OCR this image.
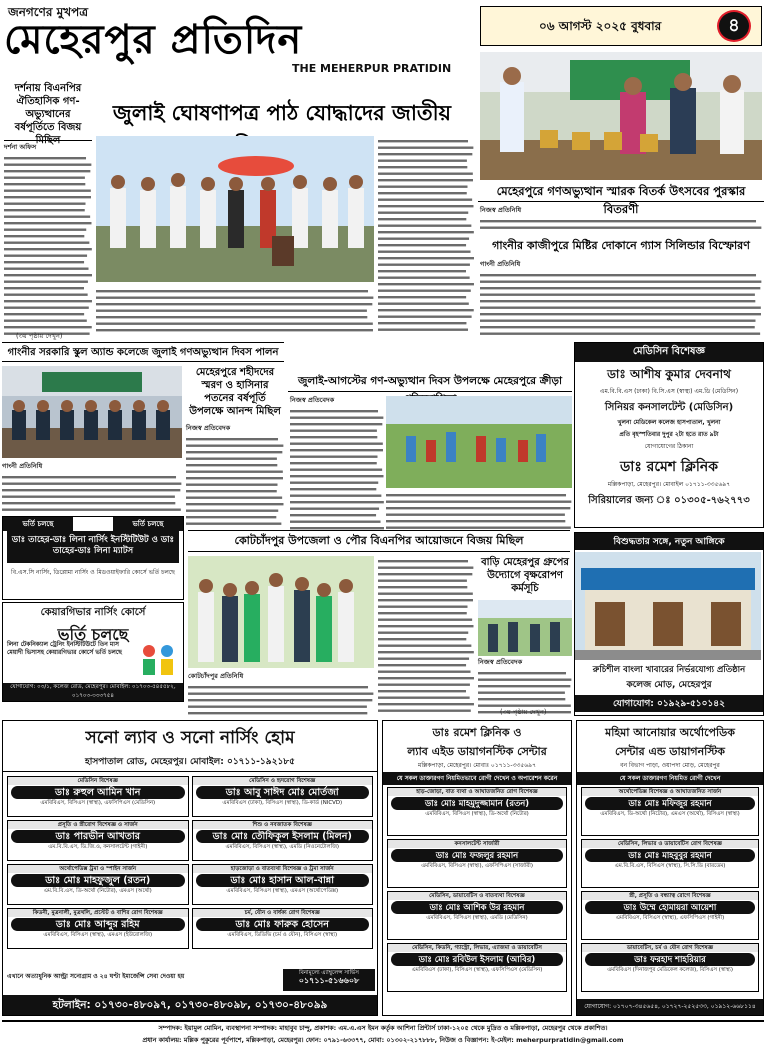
জনগণের মুখপত্র
মেহেরপুর প্রতিদিন
THE MEHERPUR PRATIDIN
০৬ আগস্ট ২০২৫ বুধবার	৪
দর্শনায় বিএনপির ঐতিহাসিক গণ-অভ্যুত্থানের বর্ষপূর্তিতে বিজয়
দর্শনা অফিস
(৩য় পৃষ্ঠায় দেখুন)
জুলাই ঘোষণাপত্র পাঠ যোদ্ধাদের জাতীয়
মেহেরপুরে গণঅভ্যুত্থান স্মারক বিতর্ক উৎসবের পুরস্কার বিতরণী
নিজস্ব প্রতিনিধি
গাংনীর কাজীপুরে মিষ্টির দোকানে গ্যাস সিলিন্ডার বিস্ফোরণ
গাংনী প্রতিনিধি
গাংনীর সরকারি স্কুল অ্যান্ড কলেজে জুলাই গণঅভ্যুত্থান দিবস পালন
গাংনী প্রতিনিধি
মেহেরপুরে শহীদদের স্মরণ ও হাসিনার পতনের বর্ষপূর্তি উপলক্ষে আনন্দ মিছিল
নিজস্ব প্রতিবেদক
জুলাই-আগস্টের গণ-অভ্যুত্থান দিবস উপলক্ষে মেহেরপুরে ক্রীড়া
নিজস্ব প্রতিবেদক
মেডিসিন বিশেষজ্ঞ
ডাঃ আশীষ কুমার দেবনাথ
এম.বি.বি.এস (ঢাকা) বি.সি.এস (স্বাস্থ্য) এম.ডি (মেডিসিন)
সিনিয়র কনসালটেন্ট (মেডিসিন)
খুলনা মেডিকেল কলেজ হাসপাতাল, খুলনা
প্রতি বৃহস্পতিবার দুপুর ২টা হতে রাত ৯টা
যোগাযোগের ঠিকানা
ডাঃ রমেশ ক্লিনিক
মল্লিকপাড়া, মেহেরপুর। মোবাইল ০১৭১১-৩৩৫৬৯৭
সিরিয়ালের জন্য ঃ ০১৩০৫-৭৬২৭৭৩
ভর্তি চলছে	ভর্তি চলছে
ডাঃ তাহের-ডাঃ লিনা নার্সিং ইনস্টিটিউট ও ডাঃ তাহের-ডাঃ লিনা ম্যাটস
বি.এস.সি নার্সিং, ডিপ্লোমা নার্সিং ও মিডওয়াইফারি কোর্সে ভর্তি চলছে
কেয়ারগিভার নার্সিং কোর্সে
ভর্তি চলছে
লিনা টেকনিক্যাল ট্রেনিং ইনস্টিটিউটে তিন মাস মেয়াদী ভিসাসহ কেয়ারগিভার কোর্সে ভর্তি চলছে
যোগাযোগ: ০৩/১, কলেজ রোড, মেহেরপুর। মোবাইল: ০১৭০৩-৫৪৫৫৮২, ০১৭০৩-৩৩৩৭৫৪
কোটচাঁদপুর উপজেলা ও পৌর বিএনপির আয়োজনে বিজয় মিছিল
কোটচাঁদপুর প্রতিনিধি
বাড়ি মেহেরপুর গ্রুপের উদ্যোগে বৃক্ষরোপণ কর্মসূচি
নিজস্ব প্রতিবেদক
বিশুদ্ধতার সঙ্গে, নতুন আঙ্গিকে
রুচিশীল বাংলা খাবারের নির্ভরযোগ্য প্রতিষ্ঠান
কলেজ মোড়, মেহেরপুর
যোগাযোগ: ০১৯২৯-৫১০১৪২
(৩য় পৃষ্ঠায় দেখুন)
সনো ল্যাব ও সনো নার্সিং হোম
হাসপাতাল রোড, মেহেরপুর। মোবাইল: ০১৭১১-১৯২১৮৫
মেডিসিন বিশেষজ্ঞ
ডাঃ রুহুল আমিন খান
এমবিবিএস, বিসিএস (স্বাস্থ্য), এফসিপিএস (মেডিসিন)
মেডিসিন ও হৃদরোগ বিশেষজ্ঞ
ডাঃ আবু সাঈদ মোঃ মোর্তজা
এমবিবিএস (ঢাকা), বিসিএস (স্বাস্থ্য), ডি-কার্ড (NICVD)
প্রসূতি ও স্ত্রীরোগ বিশেষজ্ঞ ও সার্জন
ডাঃ পারভীন আখতার
এম.বি.বি.এস, ডি.জি.ও, কনসালটেন্ট (গাইনী)
শিশু ও নবজাতক বিশেষজ্ঞ
ডাঃ মোঃ তৌফিকুল ইসলাম (মিলন)
এমবিবিএস, বিসিএস (স্বাস্থ্য), এমডি (নিওনেটোলজি)
অর্থোপেডিক্স ট্রমা ও স্পাইন সার্জন
ডাঃ মোঃ মাহফুজুল (রতন)
এম.বি.বি.এস, ডি-অর্থো (নিটোর), এমএস (অর্থো)
হাড়জোড়া ও বাতব্যথা বিশেষজ্ঞ ও ট্রমা সার্জন
ডাঃ মোঃ হাসান আল-বান্না
এমবিবিএস, বিসিএস (স্বাস্থ্য), এমএস (অর্থোপেডিক্স)
কিডনী, মুত্রনালী, মুত্রথলি, প্রস্টেট ও বাশির রোগ বিশেষজ্ঞ
ডাঃ মোঃ আব্দুর রহিম
এমবিবিএস, বিসিএস (স্বাস্থ্য), এমএস (ইউরোলজি)
চর্ম, যৌন ও বার্ধক্য রোগ বিশেষজ্ঞ
ডাঃ মোঃ ফারুক হোসেন
এমবিবিএস, ডিডিভি (চর্ম ও যৌন), বিসিএস (স্বাস্থ্য)
এখানে অত্যাধুনিক আল্ট্রা সনোগ্রাম ও ২৪ ঘণ্টা ইমার্জেন্সি সেবা দেওয়া হয়	বিনামূল্যে এ্যাম্বুলেন্স সার্ভিস
০১৭১১-৫১৬৬০৮
হটলাইন: ০১৭৩০-৪৮০৯৭, ০১৭৩০-৪৮০৯৮, ০১৭৩০-৪৮০৯৯
ডাঃ রমেশ ক্লিনিক ও
ল্যাব এইড ডায়াগনস্টিক সেন্টার
মল্লিকপাড়া, মেহেরপুর। মোবাঃ ০১৭১১-৩৩৫৬৯৭
যে সকল ডাক্তারগণ নিয়মিতভাবে রোগী দেখেন ও অপারেশন করেন
হাড়-জোড়া, বাত ব্যথা ও আঘাতজনিত রোগ বিশেষজ্ঞ
ডাঃ মোঃ মাহমুদুজ্জামান (রতন)
এমবিবিএস, বিসিএস (স্বাস্থ্য), ডি-অর্থো (নিটোর)
কনসালটেন্ট সার্জারী
ডাঃ মোঃ ফজলুর রহমান
এমবিবিএস, বিসিএস (স্বাস্থ্য), এফসিপিএস (সার্জারী)
মেডিসিন, ডায়াবেটিস ও বাতব্যথা বিশেষজ্ঞ
ডাঃ মোঃ আশিক উর রহমান
এমবিবিএস, বিসিএস (স্বাস্থ্য), এমডি (মেডিসিন)
মেডিসিন, কিডনি, গ্যাস্ট্রো, লিভার, এ্যাজমা ও ডায়াবেটিস
ডাঃ মোঃ রবিউল ইসলাম (আবির)
এমবিবিএস (ঢাকা), বিসিএস (স্বাস্থ্য), এফসিপিএস (মেডিসিন)
মহিমা আনোয়ার অর্থোপেডিক
সেন্টার এন্ড ডায়াগনস্টিক
বন বিভাগ পাড়া, ওয়াপদা মোড়, মেহেরপুর
যে সকল ডাক্তারগণ নিয়মিত রোগী দেখেন
অর্থোপেডিক্স বিশেষজ্ঞ ও আঘাতজনিত সার্জন
ডাঃ মোঃ মফিজুর রহমান
এমবিবিএস, ডি-অর্থো (নিটোর), এমএস (অর্থো), বিসিএস (স্বাস্থ্য)
মেডিসিন, লিভার ও ডায়াবেটিস রোগ বিশেষজ্ঞ
ডাঃ মোঃ মাহবুবুর রহমান
এম.বি.বি.এস, বিসিএস (স্বাস্থ্য), সি.সি.ডি (বারডেম)
স্ত্রী, প্রসূতি ও বন্ধ্যাত্ব রোগে বিশেষজ্ঞ
ডাঃ উম্মে হোমায়রা আয়েশা
এমবিবিএস, বিসিএস (স্বাস্থ্য), এফসিপিএস (গাইনী)
ডায়াবেটিস, চর্ম ও যৌন রোগ বিশেষজ্ঞ
ডাঃ ফরহাদ শাহরিয়ার
এমবিবিএস (দিনাজপুর মেডিকেল কলেজ), বিসিএস (স্বাস্থ্য)
যোগাযোগ: ০১৭০৭-৩৪৫৬৫৪, ০১৭২৭-২৫২৫৩৩, ০১৯১২-৬৬৮১১৪
সম্পাদক: ইয়ামুল মোমিন, ব্যবস্থাপনা সম্পাদক: মাহাবুব চান্দু, প্রকাশক: এম.এ.এস ইমন কর্তৃক আশিনা প্রিন্টার্স ঢাকা-১২০৫ থেকে মুদ্রিত ও মল্লিকপাড়া, মেহেরপুর থেকে প্রকাশিত।
প্রধান কার্যালয়: মল্লিক পুকুরের পূর্বপাশে, মল্লিকপাড়া, মেহেরপুর। ফোন: ০৭৯১-৬৩৩৭৭, মোবা: ০১৩০২-২১৭৮৮৮, নিউজ ও বিজ্ঞাপন: ই-মেইল: meherpurpratidin@gmail.com
